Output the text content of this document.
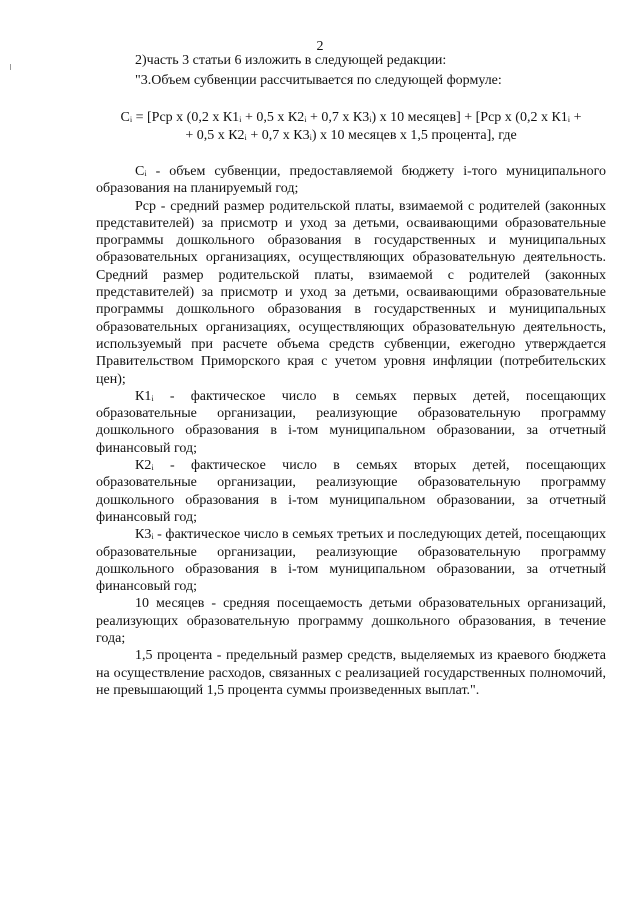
2
2)часть 3 статьи 6 изложить в следующей редакции:
"3.Объем субвенции рассчитывается по следующей формуле:
Cᵢ = [Рср х (0,2 х К1ᵢ + 0,5 х К2ᵢ + 0,7 х К3ᵢ) х 10 месяцев] + [Рср х (0,2 х К1ᵢ +
+ 0,5 х К2ᵢ + 0,7 х К3ᵢ) х 10 месяцев х 1,5 процента], где

Cᵢ - объем субвенции, предоставляемой бюджету i-того муниципального образования на планируемый год;

Рср - средний размер родительской платы, взимаемой с родителей (законных представителей) за присмотр и уход за детьми, осваивающими образовательные программы дошкольного образования в государственных и муниципальных образовательных организациях, осуществляющих образовательную деятельность. Средний размер родительской платы, взимаемой с родителей (законных представителей) за присмотр и уход за детьми, осваивающими образовательные программы дошкольного образования в государственных и муниципальных образовательных организациях, осуществляющих образовательную деятельность, используемый при расчете объема средств субвенции, ежегодно утверждается Правительством Приморского края с учетом уровня инфляции (потребительских цен);

К1ᵢ - фактическое число в семьях первых детей, посещающих образовательные организации, реализующие образовательную программу дошкольного образования в i-том муниципальном образовании, за отчетный финансовый год;

К2ᵢ - фактическое число в семьях вторых детей, посещающих образовательные организации, реализующие образовательную программу дошкольного образования в i-том муниципальном образовании, за отчетный финансовый год;

К3ᵢ - фактическое число в семьях третьих и последующих детей, посещающих образовательные организации, реализующие образовательную программу дошкольного образования в i-том муниципальном образовании, за отчетный финансовый год;

10 месяцев - средняя посещаемость детьми образовательных организаций, реализующих образовательную программу дошкольного образования, в течение года;

1,5 процента - предельный размер средств, выделяемых из краевого бюджета на осуществление расходов, связанных с реализацией государственных полномочий, не превышающий 1,5 процента суммы произведенных выплат.".
